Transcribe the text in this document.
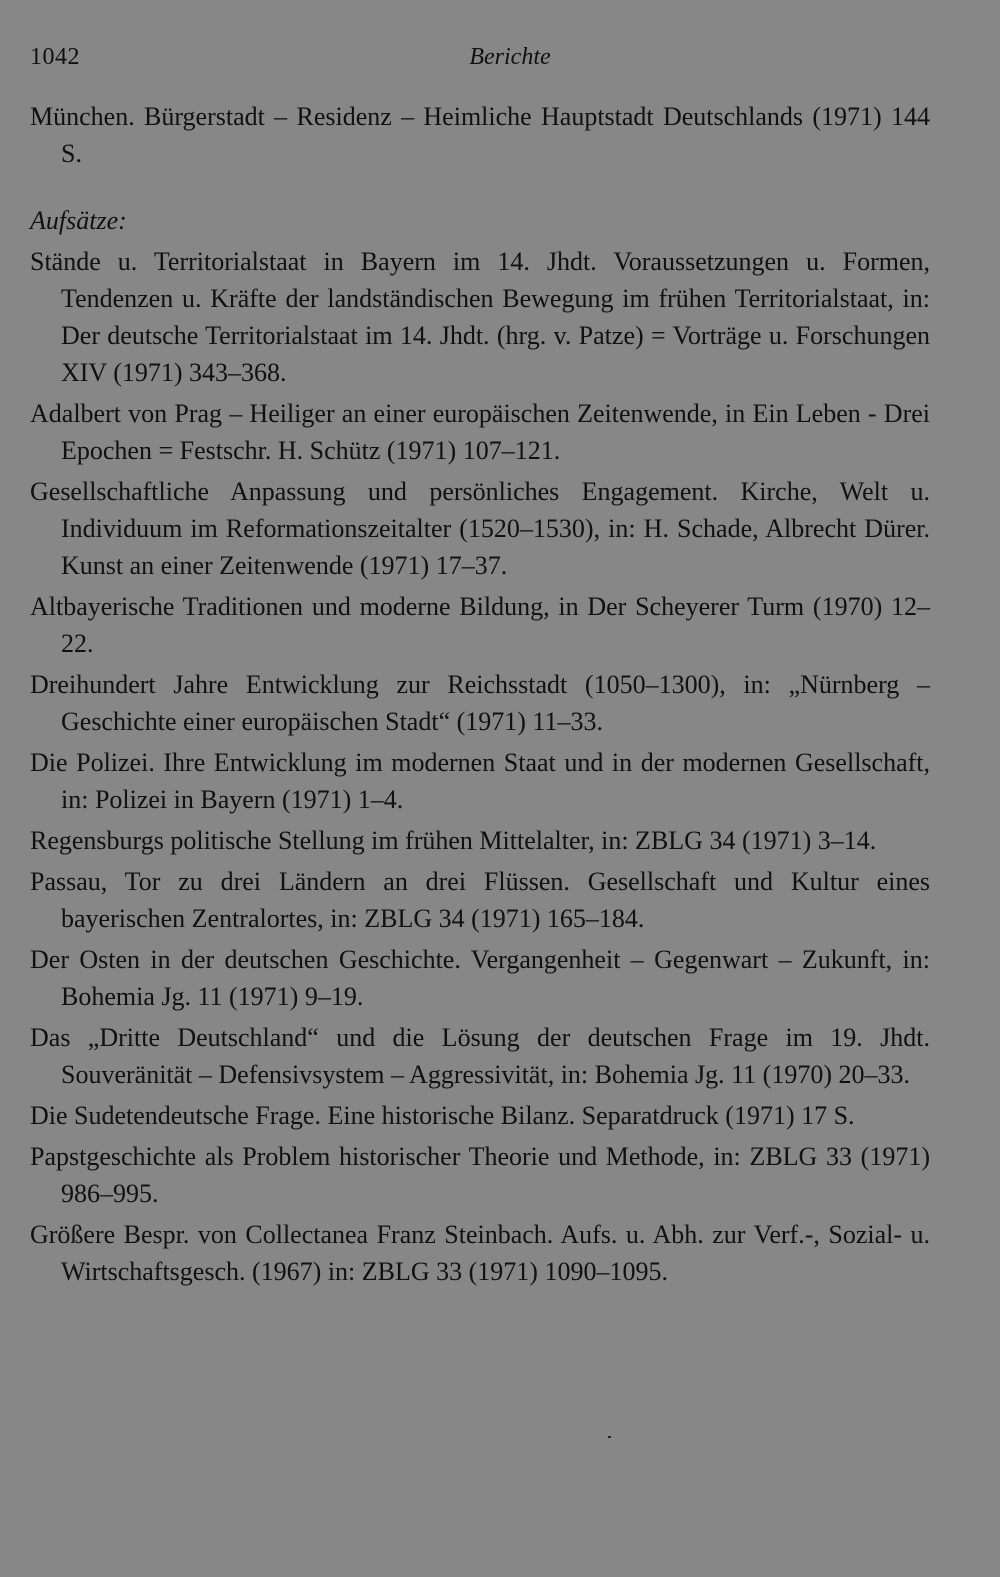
1042	Berichte

München. Bürgerstadt – Residenz – Heimliche Hauptstadt Deutschlands (1971) 144 S.

Aufsätze:

Stände u. Territorialstaat in Bayern im 14. Jhdt. Voraussetzungen u. Formen, Tendenzen u. Kräfte der landständischen Bewegung im frühen Territorialstaat, in: Der deutsche Territorialstaat im 14. Jhdt. (hrg. v. Patze) = Vorträge u. Forschungen XIV (1971) 343–368.

Adalbert von Prag – Heiliger an einer europäischen Zeitenwende, in Ein Leben - Drei Epochen = Festschr. H. Schütz (1971) 107–121.

Gesellschaftliche Anpassung und persönliches Engagement. Kirche, Welt u. Individuum im Reformationszeitalter (1520–1530), in: H. Schade, Albrecht Dürer. Kunst an einer Zeitenwende (1971) 17–37.

Altbayerische Traditionen und moderne Bildung, in Der Scheyerer Turm (1970) 12–22.

Dreihundert Jahre Entwicklung zur Reichsstadt (1050–1300), in: „Nürnberg – Geschichte einer europäischen Stadt“ (1971) 11–33.

Die Polizei. Ihre Entwicklung im modernen Staat und in der modernen Gesellschaft, in: Polizei in Bayern (1971) 1–4.

Regensburgs politische Stellung im frühen Mittelalter, in: ZBLG 34 (1971) 3–14.

Passau, Tor zu drei Ländern an drei Flüssen. Gesellschaft und Kultur eines bayerischen Zentralortes, in: ZBLG 34 (1971) 165–184.

Der Osten in der deutschen Geschichte. Vergangenheit – Gegenwart – Zukunft, in: Bohemia Jg. 11 (1971) 9–19.

Das „Dritte Deutschland“ und die Lösung der deutschen Frage im 19. Jhdt. Souveränität – Defensivsystem – Aggressivität, in: Bohemia Jg. 11 (1970) 20–33.

Die Sudetendeutsche Frage. Eine historische Bilanz. Separatdruck (1971) 17 S.

Papstgeschichte als Problem historischer Theorie und Methode, in: ZBLG 33 (1971) 986–995.

Größere Bespr. von Collectanea Franz Steinbach. Aufs. u. Abh. zur Verf.-, Sozial- u. Wirtschaftsgesch. (1967) in: ZBLG 33 (1971) 1090–1095.
